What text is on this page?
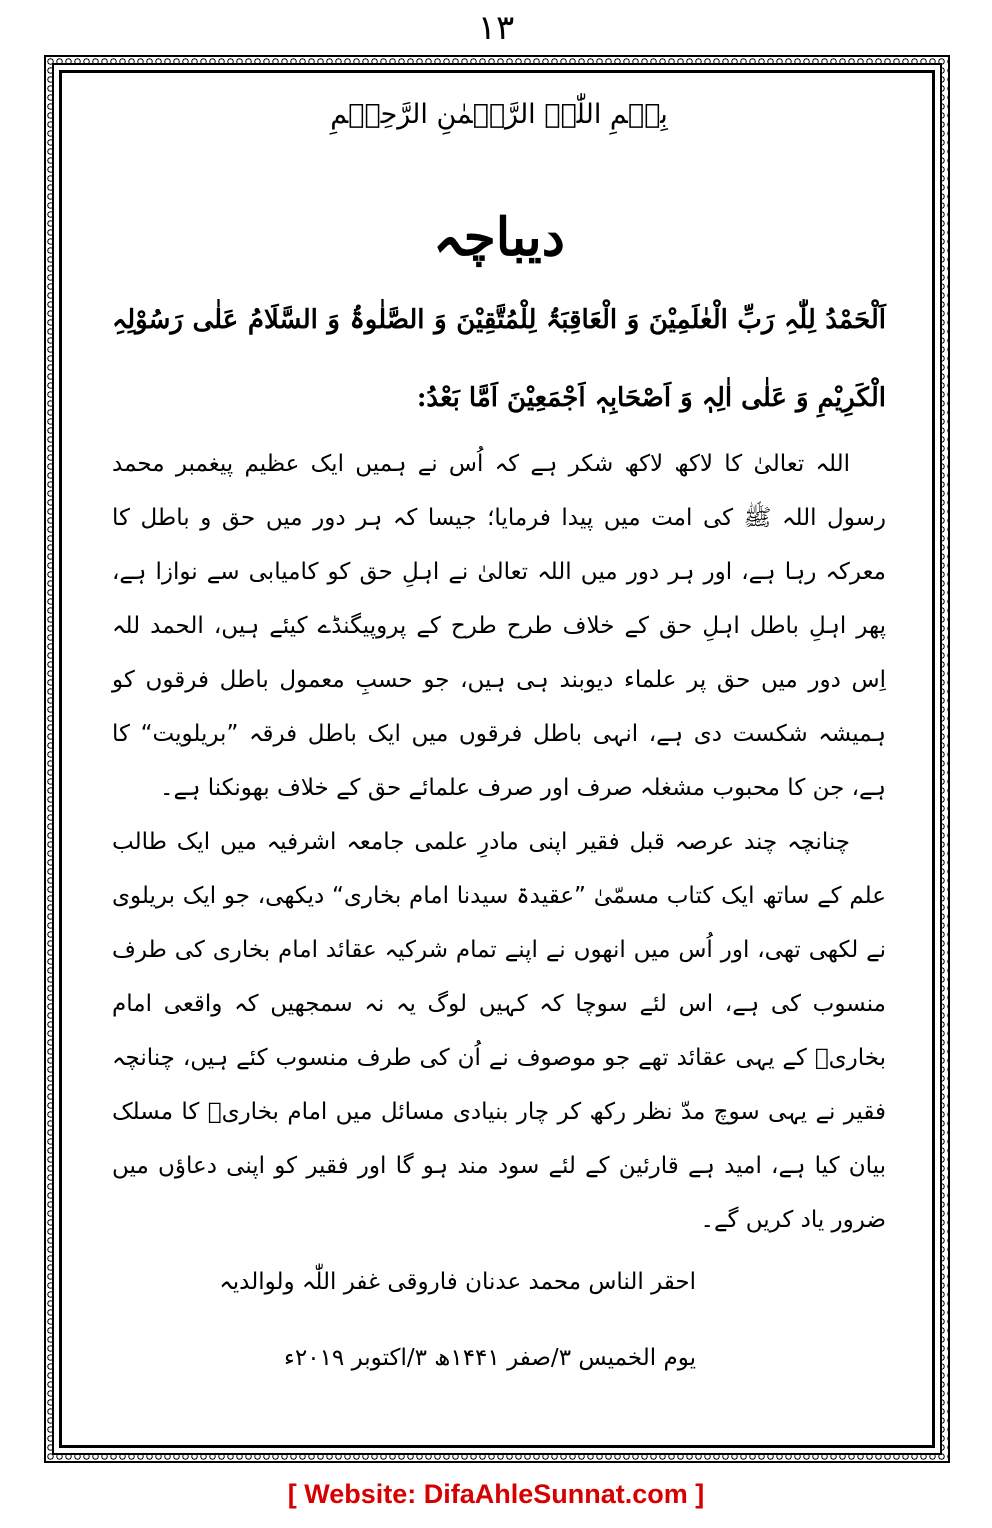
۱۳
بِسۡمِ اللّٰہِ الرَّحۡمٰنِ الرَّحِیۡمِ
دیباچہ

اَلْحَمْدُ لِلّٰہِ رَبِّ الْعٰلَمِیْنَ وَ الْعَاقِبَۃُ لِلْمُتَّقِیْنَ وَ الصَّلٰوۃُ وَ السَّلَامُ عَلٰی رَسُوْلِہِ الْکَرِیْمِ وَ عَلٰی اٰلِہٖ وَ اَصْحَابِہٖ اَجْمَعِیْنَ اَمَّا بَعْدُ:

اللہ تعالیٰ کا لاکھ لاکھ شکر ہے کہ اُس نے ہمیں ایک عظیم پیغمبر محمد رسول اللہ ﷺ کی امت میں پیدا فرمایا؛ جیسا کہ ہر دور میں حق و باطل کا معرکہ رہا ہے، اور ہر دور میں اللہ تعالیٰ نے اہلِ حق کو کامیابی سے نوازا ہے، پھر اہلِ باطل اہلِ حق کے خلاف طرح طرح کے پروپیگنڈے کیئے ہیں، الحمد للہ اِس دور میں حق پر علماء دیوبند ہی ہیں، جو حسبِ معمول باطل فرقوں کو ہمیشہ شکست دی ہے، انہی باطل فرقوں میں ایک باطل فرقہ ”بریلویت“ کا ہے، جن کا محبوب مشغلہ صرف اور صرف علمائے حق کے خلاف بھونکنا ہے۔

چنانچہ چند عرصہ قبل فقیر اپنی مادرِ علمی جامعہ اشرفیہ میں ایک طالب علم کے ساتھ ایک کتاب مسمّیٰ ”عقیدۃ سیدنا امام بخاری“ دیکھی، جو ایک بریلوی نے لکھی تھی، اور اُس میں انھوں نے اپنے تمام شرکیہ عقائد امام بخاری کی طرف منسوب کی ہے، اس لئے سوچا کہ کہیں لوگ یہ نہ سمجھیں کہ واقعی امام بخاریؒ کے یہی عقائد تھے جو موصوف نے اُن کی طرف منسوب کئے ہیں، چنانچہ فقیر نے یہی سوچ مدّ نظر رکھ کر چار بنیادی مسائل میں امام بخاریؒ کا مسلک بیان کیا ہے، امید ہے قارئین کے لئے سود مند ہو گا اور فقیر کو اپنی دعاؤں میں ضرور یاد کریں گے۔

احقر الناس محمد عدنان فاروقی غفر اللّٰہ ولوالدیہ

یوم الخمیس ۳/صفر ۱۴۴۱ھ ۳/اکتوبر ۲۰۱۹ء

[ Website: DifaAhleSunnat.com ]
